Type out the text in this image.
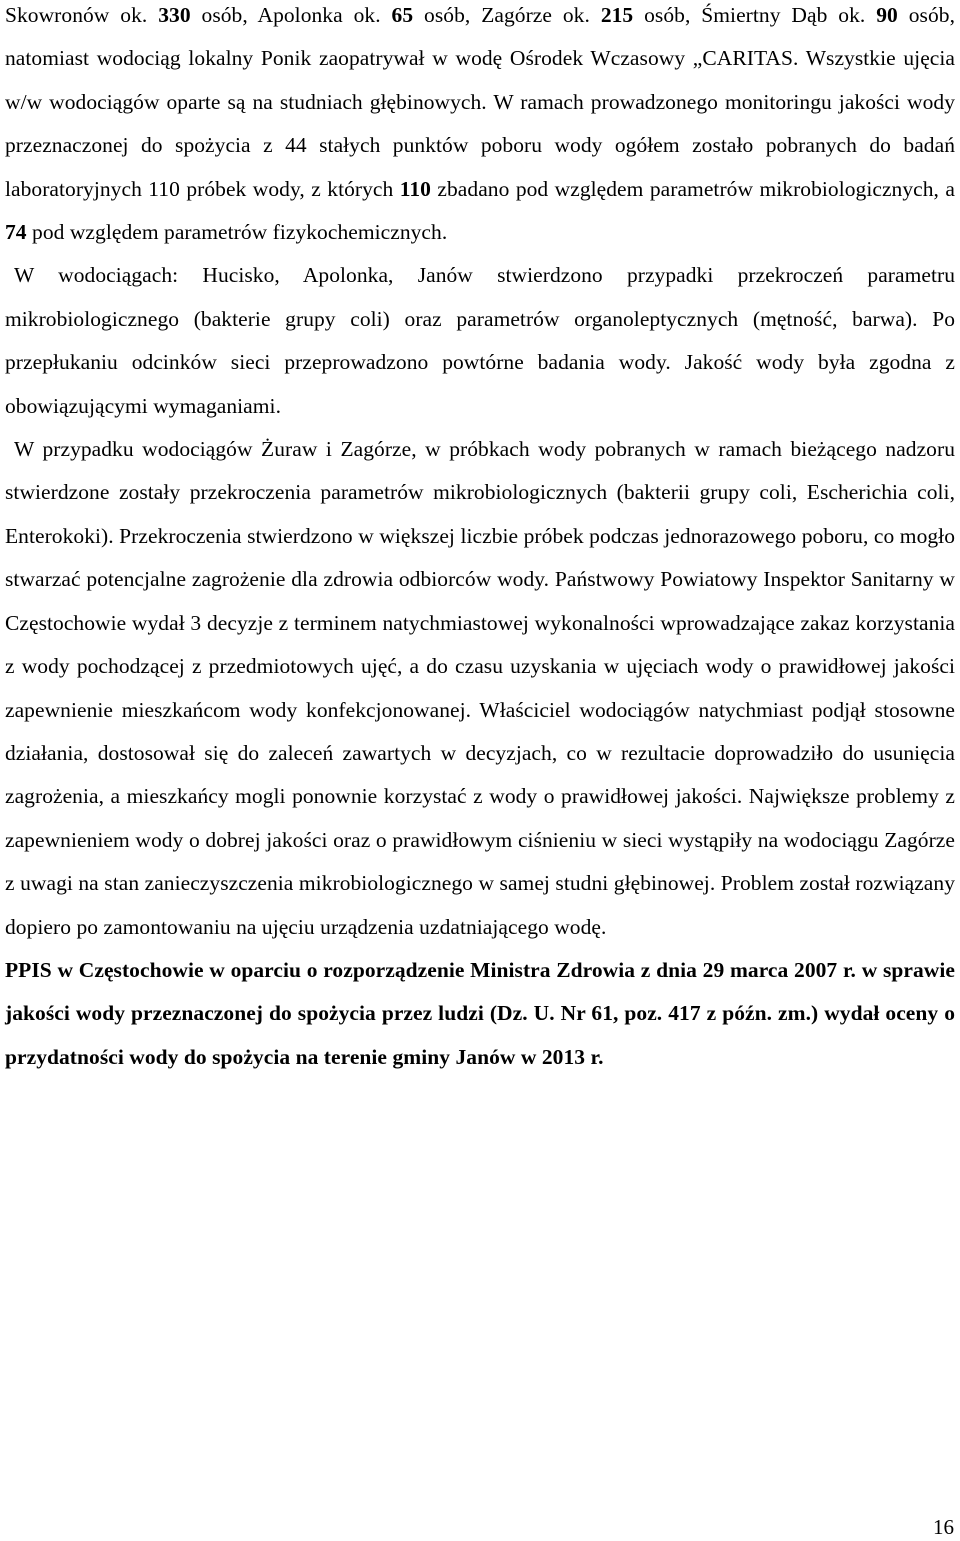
Skowronów ok. 330 osób, Apolonka ok. 65 osób, Zagórze ok. 215 osób, Śmiertny Dąb ok. 90 osób, natomiast wodociąg lokalny Ponik zaopatrywał w wodę Ośrodek Wczasowy „CARITAS. Wszystkie ujęcia w/w wodociągów oparte są na studniach głębinowych. W ramach prowadzonego monitoringu jakości wody przeznaczonej do spożycia z 44 stałych punktów poboru wody ogółem zostało pobranych do badań laboratoryjnych 110 próbek wody, z których 110 zbadano pod względem parametrów mikrobiologicznych, a 74 pod względem parametrów fizykochemicznych.

W wodociągach: Hucisko, Apolonka, Janów stwierdzono przypadki przekroczeń parametru mikrobiologicznego (bakterie grupy coli) oraz parametrów organoleptycznych (mętność, barwa). Po przepłukaniu odcinków sieci przeprowadzono powtórne badania wody. Jakość wody była zgodna z obowiązującymi wymaganiami.

W przypadku wodociągów Żuraw i Zagórze, w próbkach wody pobranych w ramach bieżącego nadzoru stwierdzone zostały przekroczenia parametrów mikrobiologicznych (bakterii grupy coli, Escherichia coli, Enterokoki). Przekroczenia stwierdzono w większej liczbie próbek podczas jednorazowego poboru, co mogło stwarzać potencjalne zagrożenie dla zdrowia odbiorców wody. Państwowy Powiatowy Inspektor Sanitarny w Częstochowie wydał 3 decyzje z terminem natychmiastowej wykonalności wprowadzające zakaz korzystania z wody pochodzącej z przedmiotowych ujęć, a do czasu uzyskania w ujęciach wody o prawidłowej jakości zapewnienie mieszkańcom wody konfekcjonowanej. Właściciel wodociągów natychmiast podjął stosowne działania, dostosował się do zaleceń zawartych w decyzjach, co w rezultacie doprowadziło do usunięcia zagrożenia, a mieszkańcy mogli ponownie korzystać z wody o prawidłowej jakości. Największe problemy z zapewnieniem wody o dobrej jakości oraz o prawidłowym ciśnieniu w sieci wystąpiły na wodociągu Zagórze z uwagi na stan zanieczyszczenia mikrobiologicznego w samej studni głębinowej. Problem został rozwiązany dopiero po zamontowaniu na ujęciu urządzenia uzdatniającego wodę.

PPIS w Częstochowie w oparciu o rozporządzenie Ministra Zdrowia z dnia 29 marca 2007 r. w sprawie jakości wody przeznaczonej do spożycia przez ludzi (Dz. U. Nr 61, poz. 417 z późn. zm.) wydał oceny o przydatności wody do spożycia na terenie gminy Janów w 2013 r.

16
